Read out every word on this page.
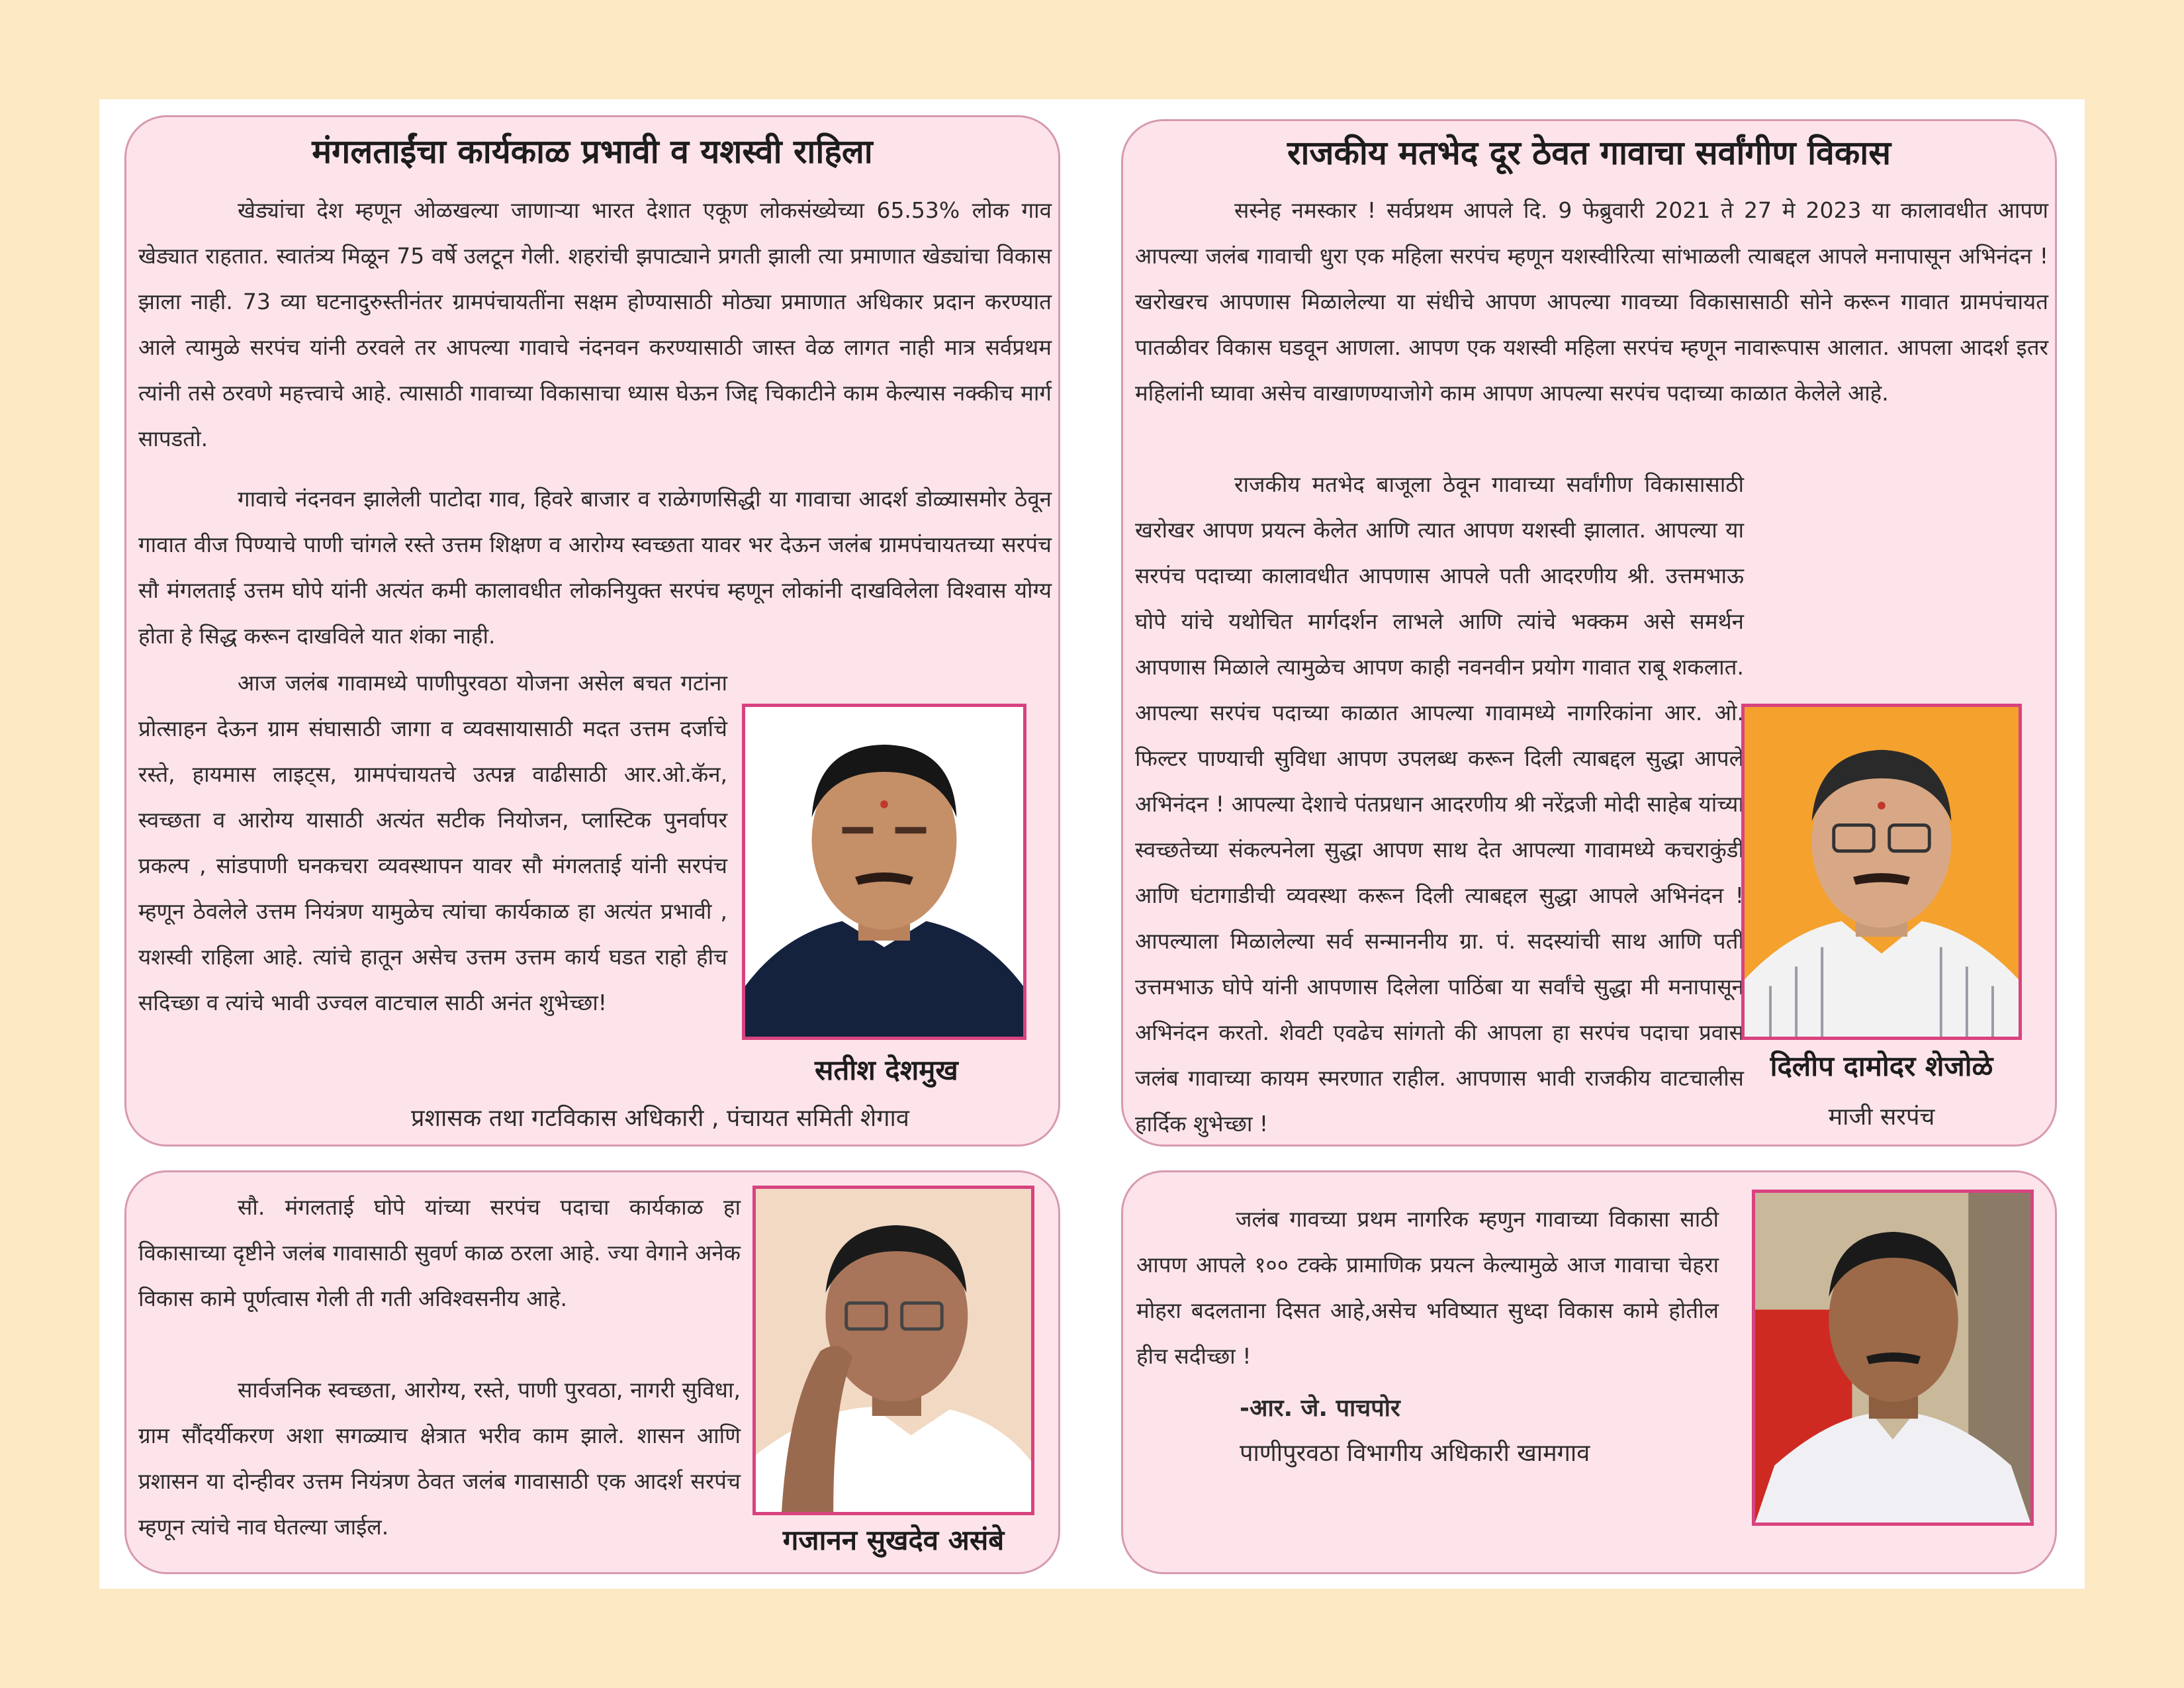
मंगलताईंचा कार्यकाळ प्रभावी व यशस्वी राहिला

खेड्यांचा देश म्हणून ओळखल्या जाणाऱ्या भारत देशात एकूण लोकसंख्येच्या 65.53% लोक गाव खेड्यात राहतात. स्वातंत्र्य मिळून 75 वर्षे उलटून गेली. शहरांची झपाट्याने प्रगती झाली त्या प्रमाणात खेड्यांचा विकास झाला नाही. 73 व्या घटनादुरुस्तीनंतर ग्रामपंचायतींना सक्षम होण्यासाठी मोठ्या प्रमाणात अधिकार प्रदान करण्यात आले त्यामुळे सरपंच यांनी ठरवले तर आपल्या गावाचे नंदनवन करण्यासाठी जास्त वेळ लागत नाही मात्र सर्वप्रथम त्यांनी तसे ठरवणे महत्त्वाचे आहे. त्यासाठी गावाच्या विकासाचा ध्यास घेऊन जिद्द चिकाटीने काम केल्यास नक्कीच मार्ग सापडतो.

गावाचे नंदनवन झालेली पाटोदा गाव, हिवरे बाजार व राळेगणसिद्धी या गावाचा आदर्श डोळ्यासमोर ठेवून गावात वीज पिण्याचे पाणी चांगले रस्ते उत्तम शिक्षण व आरोग्य स्वच्छता यावर भर देऊन जलंब ग्रामपंचायतच्या सरपंच सौ मंगलताई उत्तम घोपे यांनी अत्यंत कमी कालावधीत लोकनियुक्त सरपंच म्हणून लोकांनी दाखविलेला विश्वास योग्य होता हे सिद्ध करून दाखविले यात शंका नाही.

आज जलंब गावामध्ये पाणीपुरवठा योजना असेल बचत गटांना प्रोत्साहन देऊन ग्राम संघासाठी जागा व व्यवसायासाठी मदत उत्तम दर्जाचे रस्ते, हायमास लाइट्स, ग्रामपंचायतचे उत्पन्न वाढीसाठी आर.ओ.कॅन, स्वच्छता व आरोग्य यासाठी अत्यंत सटीक नियोजन, प्लास्टिक पुनर्वापर प्रकल्प , सांडपाणी घनकचरा व्यवस्थापन यावर सौ मंगलताई यांनी सरपंच म्हणून ठेवलेले उत्तम नियंत्रण यामुळेच त्यांचा कार्यकाळ हा अत्यंत प्रभावी , यशस्वी राहिला आहे. त्यांचे हातून असेच उत्तम उत्तम कार्य घडत राहो हीच सदिच्छा व त्यांचे भावी उज्वल वाटचाल साठी अनंत शुभेच्छा!

सतीश देशमुख
प्रशासक तथा गटविकास अधिकारी , पंचायत समिती शेगाव
राजकीय मतभेद दूर ठेवत गावाचा सर्वांगीण विकास

सस्नेह नमस्कार ! सर्वप्रथम आपले दि. 9 फेब्रुवारी 2021 ते 27 मे 2023 या कालावधीत आपण आपल्या जलंब गावाची धुरा एक महिला सरपंच म्हणून यशस्वीरित्या सांभाळली त्याबद्दल आपले मनापासून अभिनंदन ! खरोखरच आपणास मिळालेल्या या संधीचे आपण आपल्या गावच्या विकासासाठी सोने करून गावात ग्रामपंचायत पातळीवर विकास घडवून आणला. आपण एक यशस्वी महिला सरपंच म्हणून नावारूपास आलात. आपला आदर्श इतर महिलांनी घ्यावा असेच वाखाणण्याजोगे काम आपण आपल्या सरपंच पदाच्या काळात केलेले आहे.

राजकीय मतभेद बाजूला ठेवून गावाच्या सर्वांगीण विकासासाठी खरोखर आपण प्रयत्न केलेत आणि त्यात आपण यशस्वी झालात. आपल्या या सरपंच पदाच्या कालावधीत आपणास आपले पती आदरणीय श्री. उत्तमभाऊ घोपे यांचे यथोचित मार्गदर्शन लाभले आणि त्यांचे भक्कम असे समर्थन आपणास मिळाले त्यामुळेच आपण काही नवनवीन प्रयोग गावात राबू शकलात. आपल्या सरपंच पदाच्या काळात आपल्या गावामध्ये नागरिकांना आर. ओ. फिल्टर पाण्याची सुविधा आपण उपलब्ध करून दिली त्याबद्दल सुद्धा आपले अभिनंदन ! आपल्या देशाचे पंतप्रधान आदरणीय श्री नरेंद्रजी मोदी साहेब यांच्या स्वच्छतेच्या संकल्पनेला सुद्धा आपण साथ देत आपल्या गावामध्ये कचराकुंडी आणि घंटागाडीची व्यवस्था करून दिली त्याबद्दल सुद्धा आपले अभिनंदन !आपल्याला मिळालेल्या सर्व सन्माननीय ग्रा. पं. सदस्यांची साथ आणि पती उत्तमभाऊ घोपे यांनी आपणास दिलेला पाठिंबा या सर्वांचे सुद्धा मी मनापासून अभिनंदन करतो. शेवटी एवढेच सांगतो की आपला हा सरपंच पदाचा प्रवास जलंब गावाच्या कायम स्मरणात राहील. आपणास भावी राजकीय वाटचालीस हार्दिक शुभेच्छा !

दिलीप दामोदर शेजोळे
माजी सरपंच

सौ. मंगलताई घोपे यांच्या सरपंच पदाचा कार्यकाळ हा विकासाच्या दृष्टीने जलंब गावासाठी सुवर्ण काळ ठरला आहे. ज्या वेगाने अनेक विकास कामे पूर्णत्वास गेली ती गती अविश्वसनीय आहे.

सार्वजनिक स्वच्छता, आरोग्य, रस्ते, पाणी पुरवठा, नागरी सुविधा, ग्राम सौंदर्यीकरण अशा सगळ्याच क्षेत्रात भरीव काम झाले. शासन आणि प्रशासन या दोन्हीवर उत्तम नियंत्रण ठेवत जलंब गावासाठी एक आदर्श सरपंच म्हणून त्यांचे नाव घेतल्या जाईल.	गजानन सुखदेव असंबे

जलंब गावच्या प्रथम नागरिक म्हणुन गावाच्या विकासा साठी आपण आपले १०० टक्के प्रामाणिक प्रयत्न केल्यामुळे आज गावाचा चेहरा मोहरा बदलताना दिसत आहे,असेच भविष्यात सुध्दा विकास कामे होतील हीच सदीच्छा !

-आर. जे. पाचपोर
पाणीपुरवठा विभागीय अधिकारी खामगाव
